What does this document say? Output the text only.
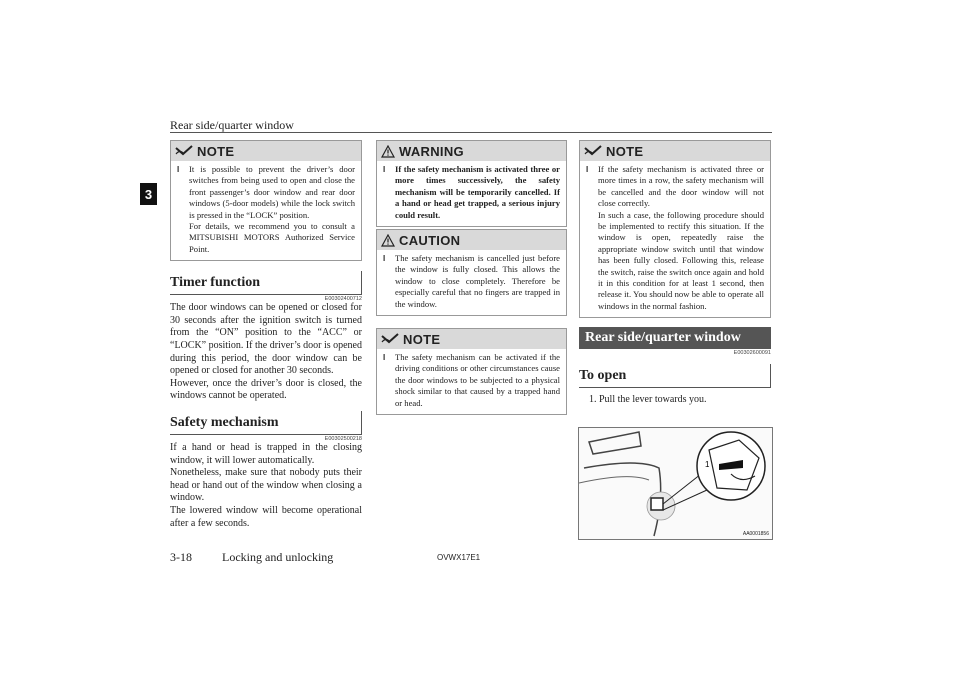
Rear side/quarter window
3
NOTE
l	It is possible to prevent the driver’s door switches from being used to open and close the front passenger’s door window and rear door windows (5-door models) while the lock switch is pressed in the “LOCK” position.
For details, we recommend you to consult a MITSUBISHI MOTORS Authorized Service Point.
Timer function
E00302400712
The door windows can be opened or closed for 30 seconds after the ignition switch is turned from the “ON” position to the “ACC” or “LOCK” position. If the driver’s door is opened during this period, the door window can be opened or closed for another 30 seconds.
However, once the driver’s door is closed, the windows cannot be operated.
Safety mechanism
E00302500218
If a hand or head is trapped in the closing window, it will lower automatically.
Nonetheless, make sure that nobody puts their head or hand out of the window when closing a window.
The lowered window will become operational after a few seconds.
WARNING
l	If the safety mechanism is activated three or more times successively, the safety mechanism will be temporarily cancelled. If a hand or head get trapped, a serious injury could result.
CAUTION
l	The safety mechanism is cancelled just before the window is fully closed. This allows the window to close completely. Therefore be especially careful that no fingers are trapped in the window.
NOTE
l	The safety mechanism can be activated if the driving conditions or other circumstances cause the door windows to be subjected to a physical shock similar to that caused by a trapped hand or head.
NOTE
l	If the safety mechanism is activated three or more times in a row, the safety mechanism will be cancelled and the door window will not close correctly.
In such a case, the following procedure should be implemented to rectify this situation. If the window is open, repeatedly raise the appropriate window switch until that window has been fully closed. Following this, release the switch, raise the switch once again and hold it in this condition for at least 1 second, then release it. You should now be able to operate all windows in the normal fashion.
Rear side/quarter window
E00302600091
To open
1. Pull the lever towards you.
1
AA0001856
3-18	Locking and unlocking	OVWX17E1
